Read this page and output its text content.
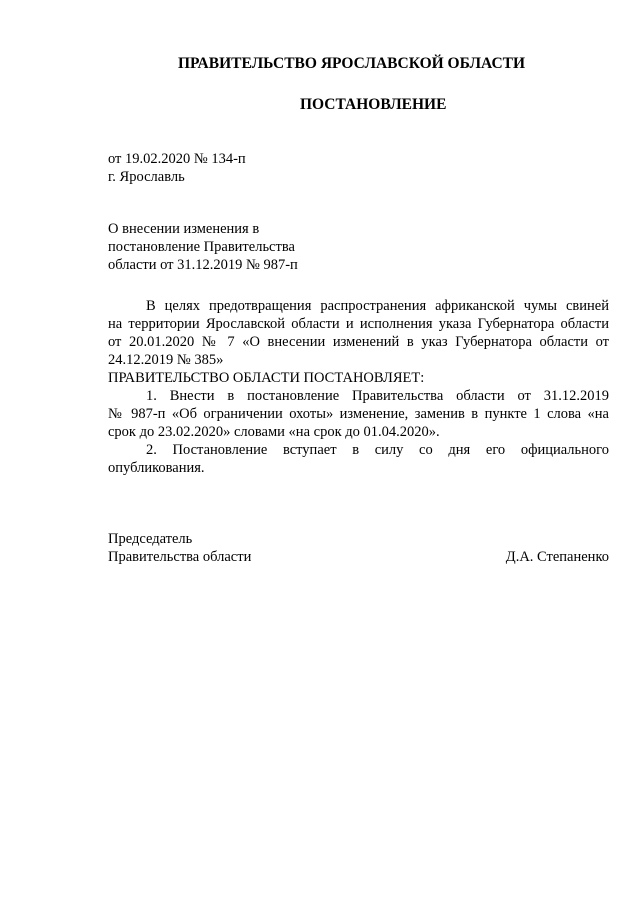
ПРАВИТЕЛЬСТВО ЯРОСЛАВСКОЙ ОБЛАСТИ
ПОСТАНОВЛЕНИЕ
от 19.02.2020 № 134-п
г. Ярославль
О внесении изменения в
постановление Правительства
области от 31.12.2019 № 987-п
В целях предотвращения распространения африканской чумы свиней
на территории Ярославской области и исполнения указа Губернатора области
от 20.01.2020 № 7 «О внесении изменений в указ Губернатора области от
24.12.2019 № 385»
ПРАВИТЕЛЬСТВО ОБЛАСТИ ПОСТАНОВЛЯЕТ:
1. Внести в постановление Правительства области от 31.12.2019
№ 987-п «Об ограничении охоты» изменение, заменив в пункте 1 слова «на
срок до 23.02.2020» словами «на срок до 01.04.2020».
2. Постановление вступает в силу со дня его официального
опубликования.
Председатель
Правительства области	Д.А. Степаненко
